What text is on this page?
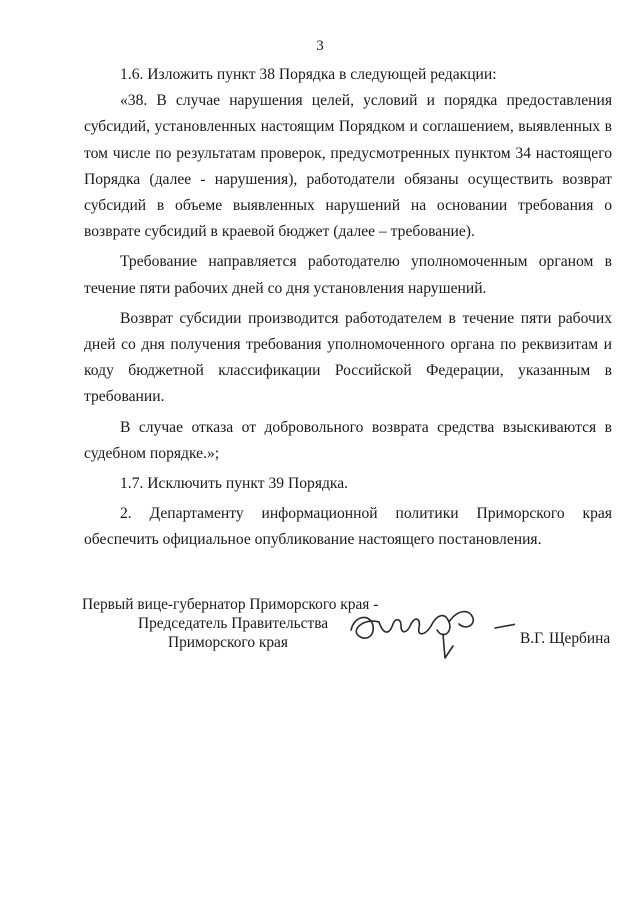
3

1.6. Изложить пункт 38 Порядка в следующей редакции:

«38. В случае нарушения целей, условий и порядка предоставления субсидий, установленных настоящим Порядком и соглашением, выявленных в том числе по результатам проверок, предусмотренных пунктом 34 настоящего Порядка (далее - нарушения), работодатели обязаны осуществить возврат субсидий в объеме выявленных нарушений на основании требования о возврате субсидий в краевой бюджет (далее – требование).

Требование направляется работодателю уполномоченным органом в течение пяти рабочих дней со дня установления нарушений.

Возврат субсидии производится работодателем в течение пяти рабочих дней со дня получения требования уполномоченного органа по реквизитам и коду бюджетной классификации Российской Федерации, указанным в требовании.

В случае отказа от добровольного возврата средства взыскиваются в судебном порядке.»;

1.7. Исключить пункт 39 Порядка.

2. Департаменту информационной политики Приморского края обеспечить официальное опубликование настоящего постановления.

Первый вице-губернатор Приморского края -
Председатель Правительства
Приморского края	В.Г. Щербина
